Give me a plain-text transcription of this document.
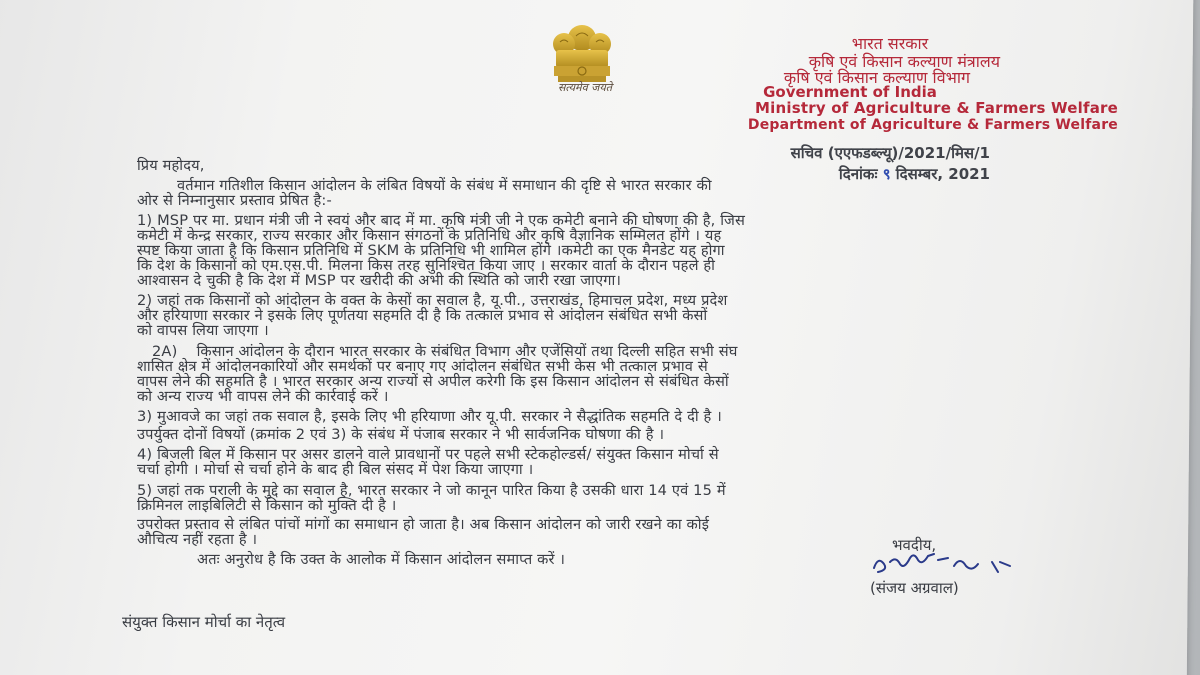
सत्यमेव जयते
भारत सरकार
कृषि एवं किसान कल्याण मंत्रालय
कृषि एवं किसान कल्याण विभाग
Government of India
Ministry of Agriculture & Farmers Welfare
Department of Agriculture & Farmers Welfare
सचिव (एएफडब्ल्यू)/2021/मिस/1
दिनांकः ९ दिसम्बर, 2021
प्रिय महोदय,
वर्तमान गतिशील किसान आंदोलन के लंबित विषयों के संबंध में समाधान की दृष्टि से भारत सरकार की
ओर से निम्नानुसार प्रस्ताव प्रेषित है:-
1) MSP पर मा. प्रधान मंत्री जी ने स्वयं और बाद में मा. कृषि मंत्री जी ने एक कमेटी बनाने की घोषणा की है, जिस
कमेटी में केन्द्र सरकार, राज्य सरकार और किसान संगठनों के प्रतिनिधि और कृषि वैज्ञानिक सम्मिलत होंगे । यह
स्पष्ट किया जाता है कि किसान प्रतिनिधि में SKM के प्रतिनिधि भी शामिल होंगे ।कमेटी का एक मैनडेट यह होगा
कि देश के किसानों को एम.एस.पी. मिलना किस तरह सुनिश्चित किया जाए । सरकार वार्ता के दौरान पहले ही
आश्वासन दे चुकी है कि देश में MSP पर खरीदी की अभी की स्थिति को जारी रखा जाएगा।
2) जहां तक किसानों को आंदोलन के वक्त के केसों का सवाल है, यू.पी., उत्तराखंड, हिमाचल प्रदेश, मध्य प्रदेश
और हरियाणा सरकार ने इसके लिए पूर्णतया सहमति दी है कि तत्काल प्रभाव से आंदोलन संबंधित सभी केसों
को वापस लिया जाएगा ।
2A)    किसान आंदोलन के दौरान भारत सरकार के संबंधित विभाग और एजेंसियों तथा दिल्ली सहित सभी संघ
शासित क्षेत्र में आंदोलनकारियों और समर्थकों पर बनाए गए आंदोलन संबंधित सभी केस भी तत्काल प्रभाव से
वापस लेने की सहमति है । भारत सरकार अन्य राज्यों से अपील करेगी कि इस किसान आंदोलन से संबंधित केसों
को अन्य राज्य भी वापस लेने की कार्रवाई करें ।
3) मुआवजे का जहां तक सवाल है, इसके लिए भी हरियाणा और यू.पी. सरकार ने सैद्धांतिक सहमति दे दी है ।
उपर्युक्त दोनों विषयों (क्रमांक 2 एवं 3) के संबंध में पंजाब सरकार ने भी सार्वजनिक घोषणा की है ।
4) बिजली बिल में किसान पर असर डालने वाले प्रावधानों पर पहले सभी स्टेकहोल्डर्स/ संयुक्त किसान मोर्चा से
चर्चा होगी । मोर्चा से चर्चा होने के बाद ही बिल संसद में पेश किया जाएगा ।
5) जहां तक पराली के मुद्दे का सवाल है, भारत सरकार ने जो कानून पारित किया है उसकी धारा 14 एवं 15 में
क्रिमिनल लाइबिलिटी से किसान को मुक्ति दी है ।
उपरोक्त प्रस्ताव से लंबित पांचों मांगों का समाधान हो जाता है। अब किसान आंदोलन को जारी रखने का कोई
औचित्य नहीं रहता है ।
अतः अनुरोध है कि उक्त के आलोक में किसान आंदोलन समाप्त करें ।
भवदीय,
(संजय अग्रवाल)
संयुक्त किसान मोर्चा का नेतृत्व
